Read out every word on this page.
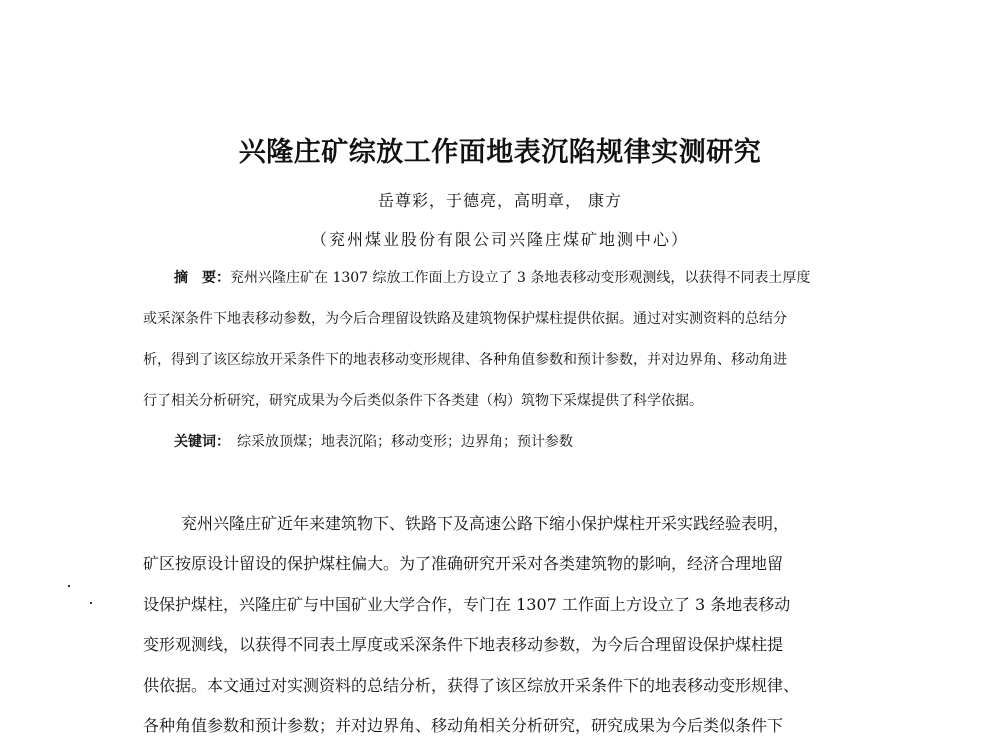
兴隆庄矿综放工作面地表沉陷规律实测研究
岳尊彩，于德亮，高明章， 康方
（兖州煤业股份有限公司兴隆庄煤矿地测中心）
摘　要：兖州兴隆庄矿在 1307 综放工作面上方设立了 3 条地表移动变形观测线，以获得不同表土厚度
或采深条件下地表移动参数，为今后合理留设铁路及建筑物保护煤柱提供依据。通过对实测资料的总结分
析，得到了该区综放开采条件下的地表移动变形规律、各种角值参数和预计参数，并对边界角、移动角进
行了相关分析研究，研究成果为今后类似条件下各类建（构）筑物下采煤提供了科学依据。
关键词：  综采放顶煤；地表沉陷；移动变形；边界角；预计参数
兖州兴隆庄矿近年来建筑物下、铁路下及高速公路下缩小保护煤柱开采实践经验表明，
矿区按原设计留设的保护煤柱偏大。为了准确研究开采对各类建筑物的影响，经济合理地留
设保护煤柱，兴隆庄矿与中国矿业大学合作，专门在 1307 工作面上方设立了 3 条地表移动
变形观测线，以获得不同表土厚度或采深条件下地表移动参数，为今后合理留设保护煤柱提
供依据。本文通过对实测资料的总结分析，获得了该区综放开采条件下的地表移动变形规律、
各种角值参数和预计参数；并对边界角、移动角相关分析研究，研究成果为今后类似条件下
